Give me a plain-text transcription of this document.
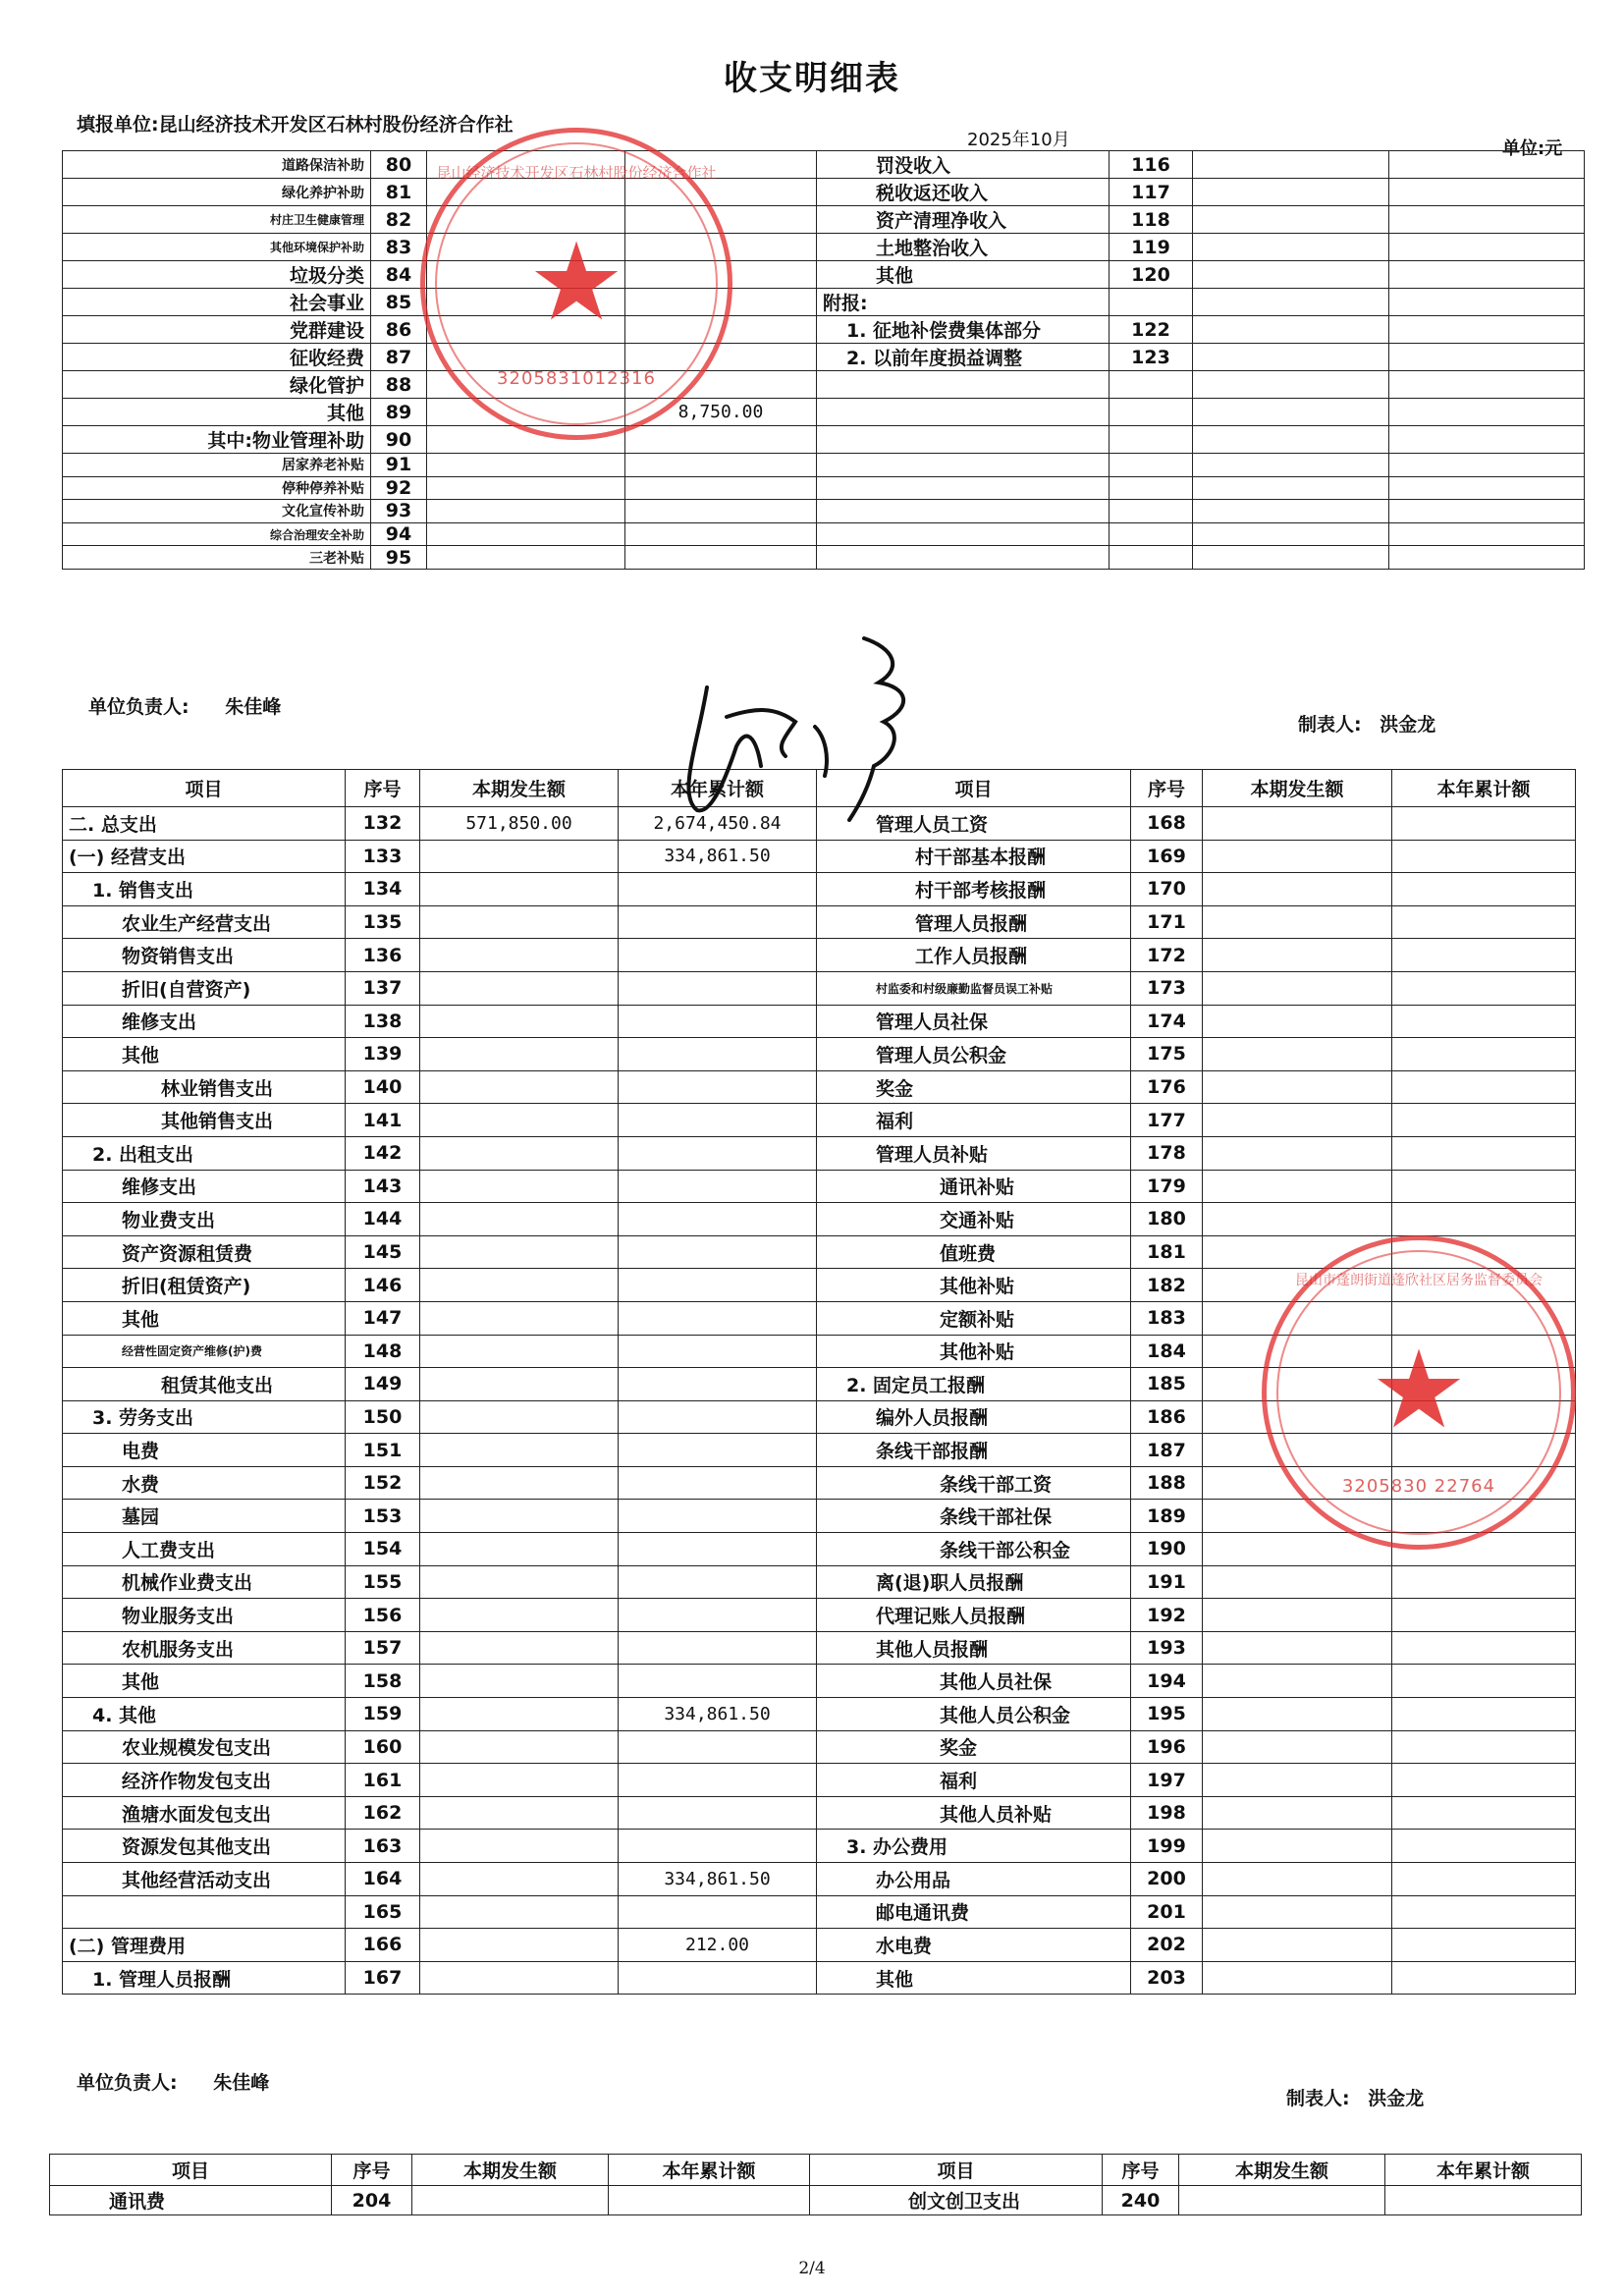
收支明细表
填报单位:昆山经济技术开发区石林村股份经济合作社
2025年10月	单位:元
道路保洁补助	80			罚没收入	116		
绿化养护补助	81			税收返还收入	117		
村庄卫生健康管理	82			资产清理净收入	118		
其他环境保护补助	83			土地整治收入	119		
垃圾分类	84			其他	120		
社会事业	85			附报:			
党群建设	86			1. 征地补偿费集体部分	122		
征收经费	87			2. 以前年度损益调整	123		
绿化管护	88						
其他	89		8,750.00				
其中:物业管理补助	90						
居家养老补贴	91						
停种停养补贴	92						
文化宣传补助	93						
综合治理安全补助	94						
三老补贴	95						
单位负责人: 朱佳峰
制表人: 洪金龙
项目	序号	本期发生额	本年累计额	项目	序号	本期发生额	本年累计额
二. 总支出	132	571,850.00	2,674,450.84	管理人员工资	168		
(一) 经营支出	133		334,861.50	村干部基本报酬	169		
1. 销售支出	134			村干部考核报酬	170		
农业生产经营支出	135			管理人员报酬	171		
物资销售支出	136			工作人员报酬	172		
折旧(自营资产)	137			村监委和村级廉勤监督员误工补贴	173		
维修支出	138			管理人员社保	174		
其他	139			管理人员公积金	175		
林业销售支出	140			奖金	176		
其他销售支出	141			福利	177		
2. 出租支出	142			管理人员补贴	178		
维修支出	143			通讯补贴	179		
物业费支出	144			交通补贴	180		
资产资源租赁费	145			值班费	181		
折旧(租赁资产)	146			其他补贴	182		
其他	147			定额补贴	183		
经营性固定资产维修(护)费	148			其他补贴	184		
租赁其他支出	149			2. 固定员工报酬	185		
3. 劳务支出	150			编外人员报酬	186		
电费	151			条线干部报酬	187		
水费	152			条线干部工资	188		
墓园	153			条线干部社保	189		
人工费支出	154			条线干部公积金	190		
机械作业费支出	155			离(退)职人员报酬	191		
物业服务支出	156			代理记账人员报酬	192		
农机服务支出	157			其他人员报酬	193		
其他	158			其他人员社保	194		
4. 其他	159		334,861.50	其他人员公积金	195		
农业规模发包支出	160			奖金	196		
经济作物发包支出	161			福利	197		
渔塘水面发包支出	162			其他人员补贴	198		
资源发包其他支出	163			3. 办公费用	199		
其他经营活动支出	164		334,861.50	办公用品	200		
	165			邮电通讯费	201		
(二) 管理费用	166		212.00	水电费	202		
1. 管理人员报酬	167			其他	203		
单位负责人: 朱佳峰
制表人: 洪金龙
项目	序号	本期发生额	本年累计额	项目	序号	本期发生额	本年累计额
通讯费	204			创文创卫支出	240		
2/4
★
昆山经济技术开发区石林村股份经济合作社
3205831012316
★
昆山市蓬朗街道蓬欣社区居务监督委员会
3205830 22764
